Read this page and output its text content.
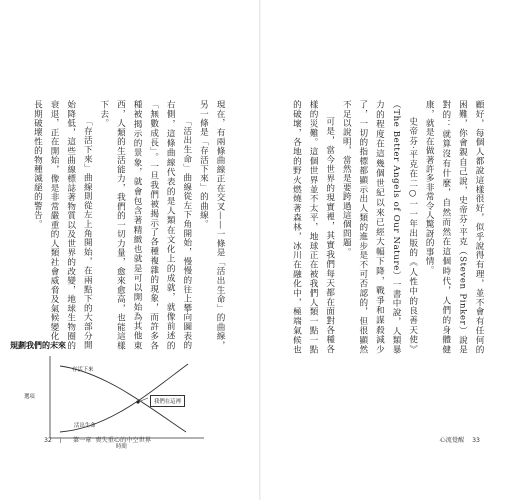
現在，有兩條曲線正在交叉——一條是「活出生命」的曲線，另一條是「存活下來」的曲線。

「活出生命」曲線從左下角開始，慢慢的往上攀向圖表的右側，這條曲線代表的是人類在文化上的成就，就像前述的「無數成長」。一旦我們被揭示了各種複雜的現象，而許多各種被揭示的景象，就會包含著精緻也就是可以開始為其他東西，人類的生活能力，我們的一切力量，愈來愈高，也能這樣下去。

「存活下來」曲線則從左上角開始，在兩點下的大部分開始降低，這些曲線標誌著物質以及世界的改變，地球生物圈的衰退，正在開始，像是非常嚴重的人類社會威脅及氣候變化、長期破壞性的物種滅絕的警告。

規劃我們的未來
選項
時間
存活下來
活出生命
我們在這裡
32	第一章 喪失重心的中空世界

顧好，每個人都說這樣很好，似乎說得有理，並不會有任何的困難，你會親自己說，史帝芬·平克（Steven Pinker）說是對的：就算沒有什麼，自然而然在這個時代，人們的身體健康，就是在做著許多非常令人驚訝的事情。

史帝芬·平克在二○一一年出版的《人性中的良善天使》（The Better Angels of Our Nature）一書中說，人類暴力的程度在這幾個世紀以來已經大幅下降，戰爭和謀殺減少了，一切的指標都顯示出人類的進步是不可否認的，但很顯然不足以說明，當然是要跨過這個問題。

可是，當今世界的現實裡，其實我們每天都在面對各種各樣的災難。這個世界並不太平，地球正在被我們人類一點一點的破壞，各地的野火燃燒著森林，冰川在融化中，極端氣候也

心流覺醒 33
